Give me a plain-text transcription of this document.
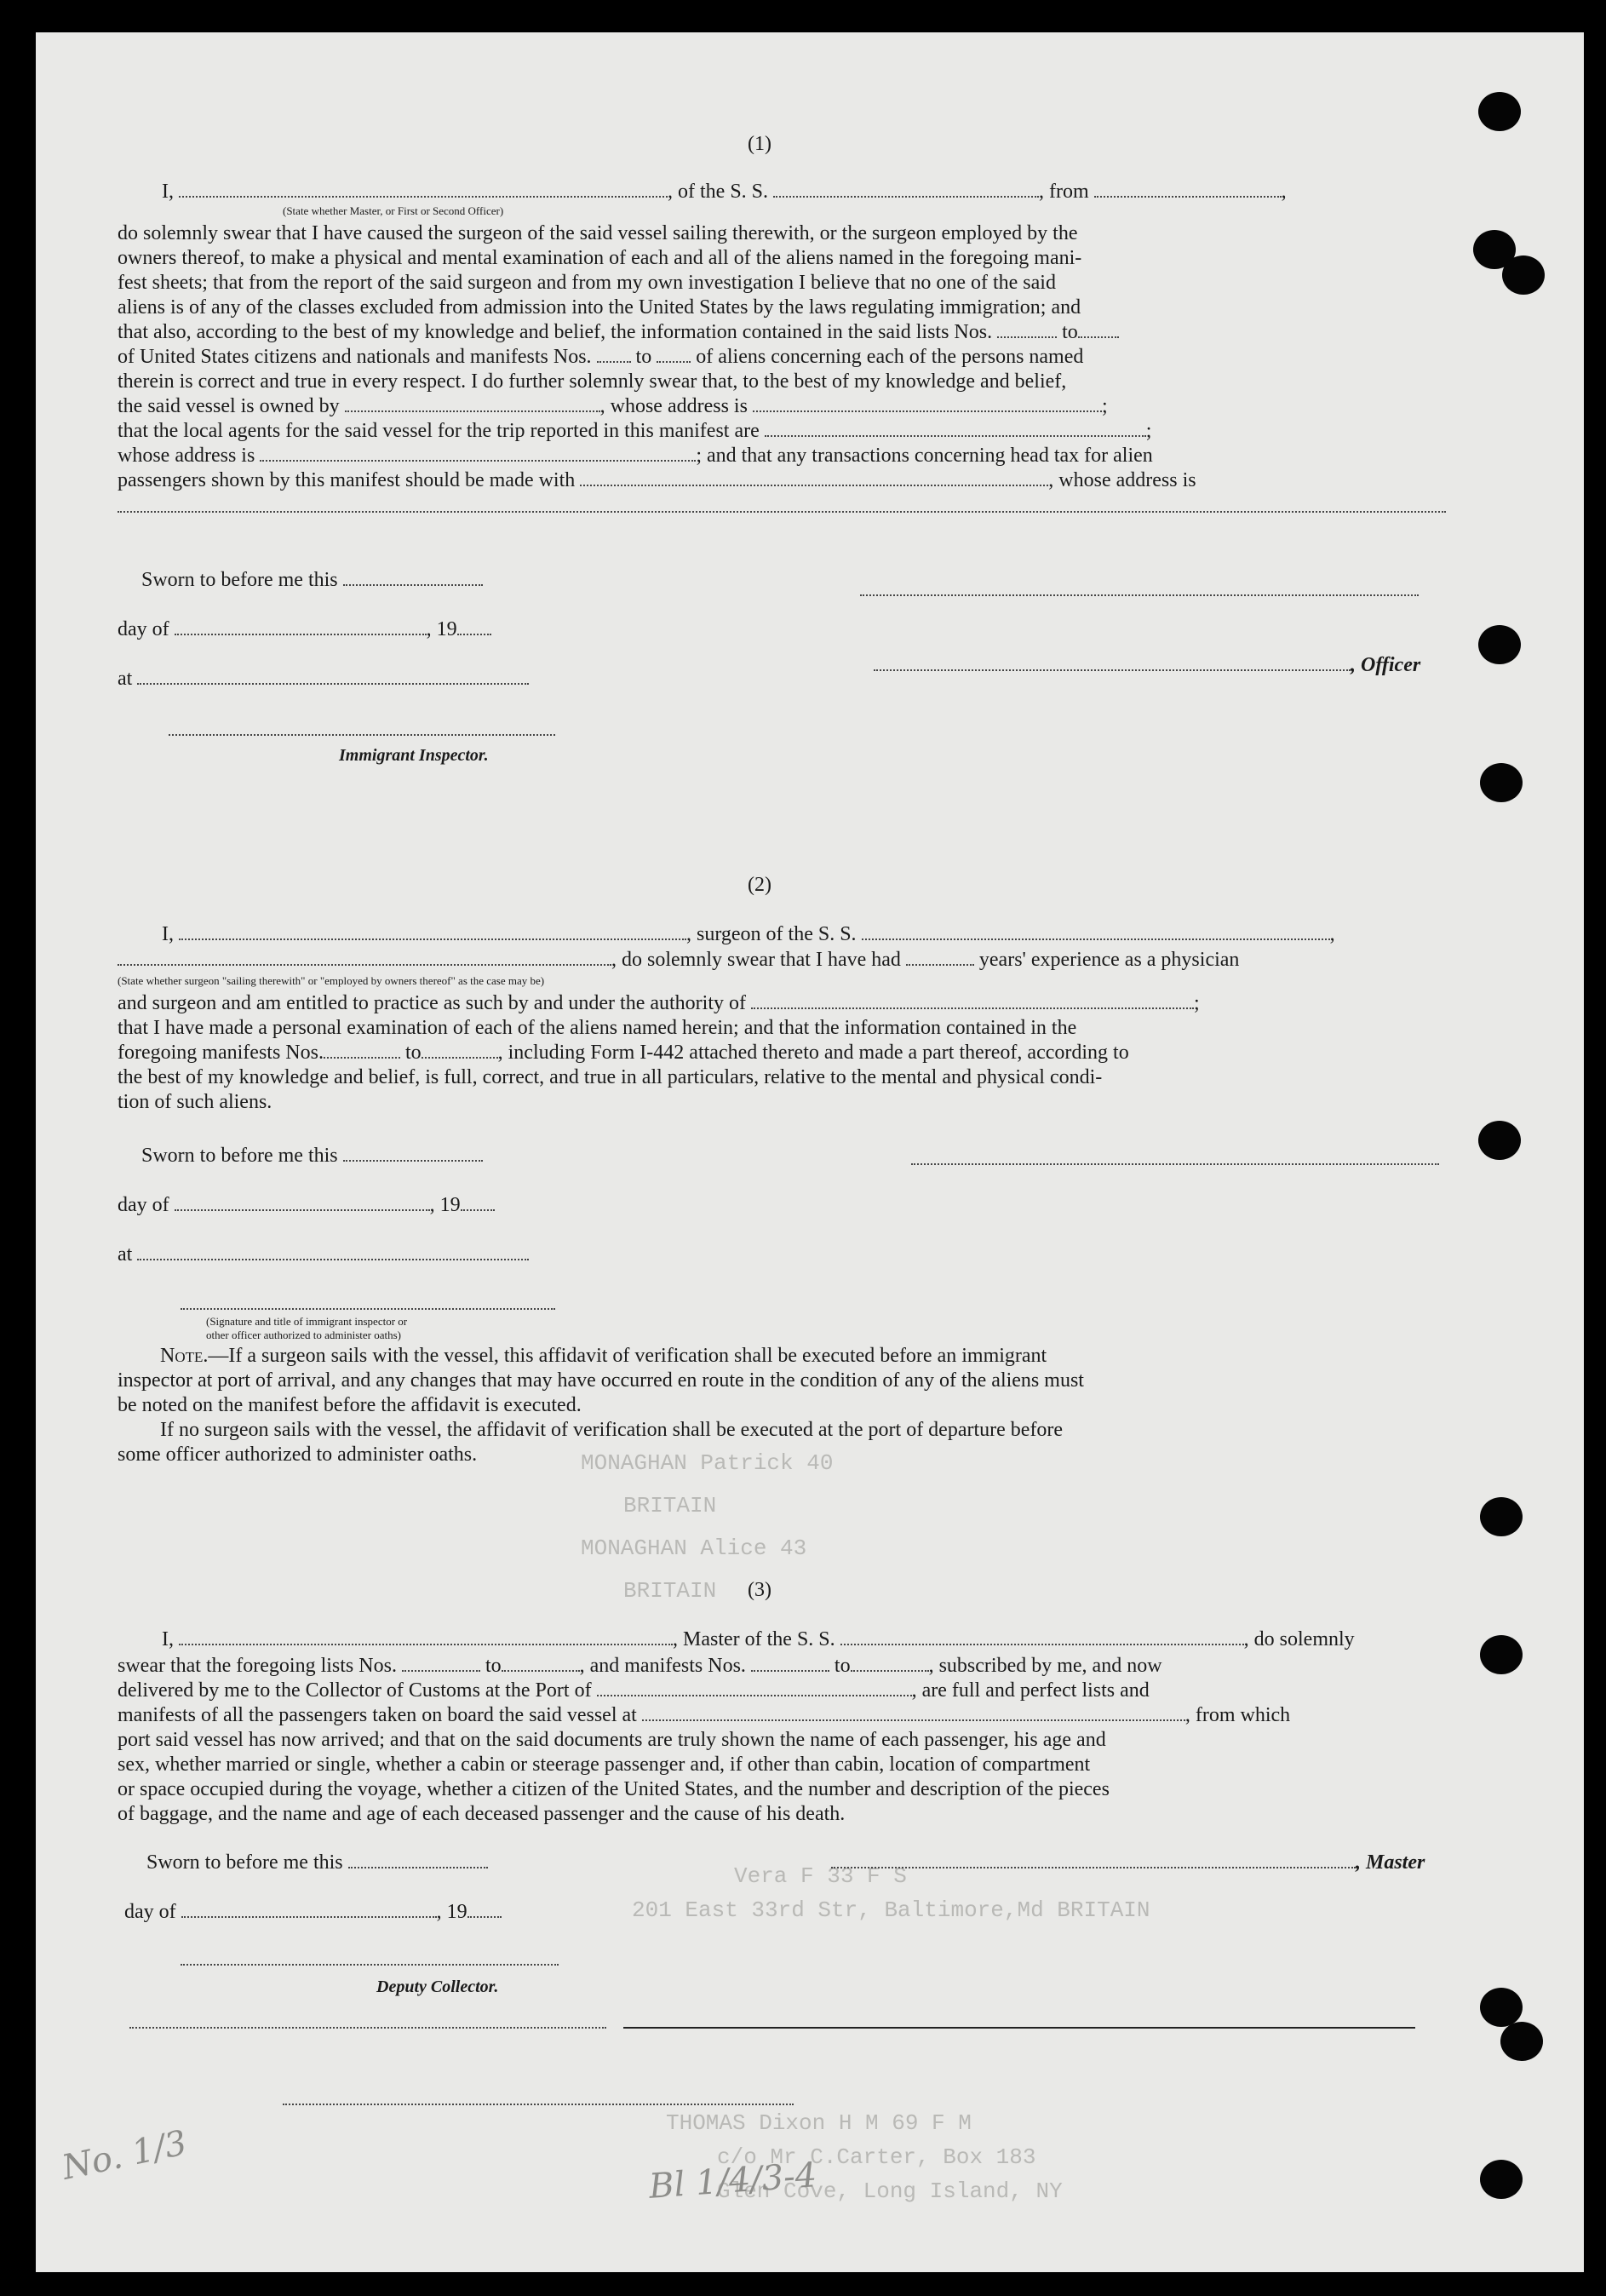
MONAGHAN Patrick 40
BRITAIN
MONAGHAN Alice 43
BRITAIN
201 East 33rd Str, Baltimore,Md BRITAIN
Vera F 33 F S
THOMAS Dixon H M 69 F M
c/o Mr C.Carter, Box 183
Glen Cove, Long Island, NY
(1)
I,	, of the S. S.	, from	,
(State whether Master, or First or Second Officer)
do solemnly swear that I have caused the surgeon of the said vessel sailing therewith, or the surgeon employed by the
owners thereof, to make a physical and mental examination of each and all of the aliens named in the foregoing mani-
fest sheets; that from the report of the said surgeon and from my own investigation I believe that no one of the said
aliens is of any of the classes excluded from admission into the United States by the laws regulating immigration; and
that also, according to the best of my knowledge and belief, the information contained in the said lists Nos.	to
of United States citizens and nationals and manifests Nos. to of aliens concerning each of the persons named
therein is correct and true in every respect. I do further solemnly swear that, to the best of my knowledge and belief,
the said vessel is owned by	, whose address is	;
that the local agents for the said vessel for the trip reported in this manifest are	;
whose address is	; and that any transactions concerning head tax for alien
passengers shown by this manifest should be made with	, whose address is
Sworn to before me this
day of	, 19
, Officer
at
Immigrant Inspector.
(2)
I,	, surgeon of the S. S.	,
, do solemnly swear that I have had	years' experience as a physician
(State whether surgeon "sailing therewith" or "employed by owners thereof" as the case may be)
and surgeon and am entitled to practice as such by and under the authority of	;
that I have made a personal examination of each of the aliens named herein; and that the information contained in the
foregoing manifests Nos.	to	, including Form I-442 attached thereto and made a part thereof, according to
the best of my knowledge and belief, is full, correct, and true in all particulars, relative to the mental and physical condi-
tion of such aliens.
Sworn to before me this
day of	, 19
at
(Signature and title of immigrant inspector or
other officer authorized to administer oaths)
Note.—If a surgeon sails with the vessel, this affidavit of verification shall be executed before an immigrant
inspector at port of arrival, and any changes that may have occurred en route in the condition of any of the aliens must
be noted on the manifest before the affidavit is executed.
If no surgeon sails with the vessel, the affidavit of verification shall be executed at the port of departure before
some officer authorized to administer oaths.
(3)
I,	, Master of the S. S.	, do solemnly
swear that the foregoing lists Nos.	to	, and manifests Nos.	to	, subscribed by me, and now
delivered by me to the Collector of Customs at the Port of	, are full and perfect lists and
manifests of all the passengers taken on board the said vessel at	, from which
port said vessel has now arrived; and that on the said documents are truly shown the name of each passenger, his age and
sex, whether married or single, whether a cabin or steerage passenger and, if other than cabin, location of compartment
or space occupied during the voyage, whether a citizen of the United States, and the number and description of the pieces
of baggage, and the name and age of each deceased passenger and the cause of his death.
Sworn to before me this	, Master
day of	, 19
Deputy Collector.
No. 1/3	Bl 1/4/3-4
